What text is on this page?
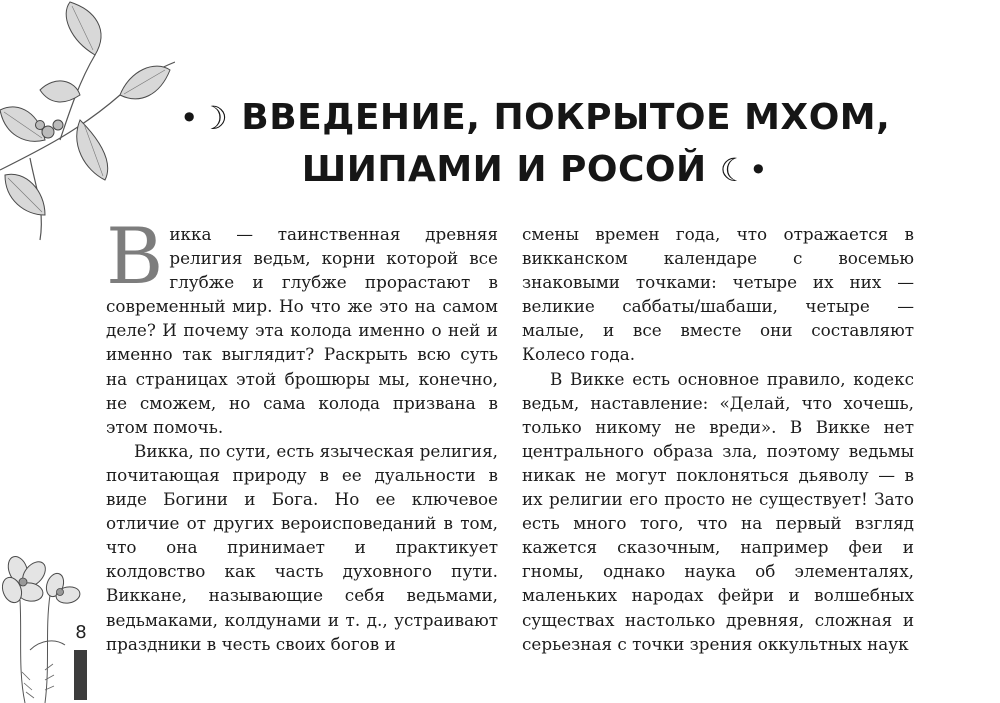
•☽ ВВЕДЕНИЕ, ПОКРЫТОЕ МХОМ,
ШИПАМИ И РОСОЙ ☾•

Викка — таинственная древняя религия ведьм, корни которой все глубже и глубже прорастают в современный мир. Но что же это на самом деле? И почему эта колода именно о ней и именно так выглядит? Раскрыть всю суть на страницах этой брошюры мы, конечно, не сможем, но сама колода призвана в этом помочь.

Викка, по сути, есть языческая религия, почитающая природу в ее дуальности в виде Богини и Бога. Но ее ключевое отличие от других вероисповеданий в том, что она принимает и практикует колдовство как часть духовного пути. Викканe, называющие себя ведьмами, ведьмаками, колдунами и т. д., устраивают праздники в честь своих богов и

смены времен года, что отражается в викканском календаре с восемью знаковыми точками: четыре их них — великие саббаты/шабаши, четыре — малые, и все вместе они составляют Колесо года.

В Викке есть основное правило, кодекс ведьм, наставление: «Делай, что хочешь, только никому не вреди». В Викке нет центрального образа зла, поэтому ведьмы никак не могут поклоняться дьяволу — в их религии его просто не существует! Зато есть много того, что на первый взгляд кажется сказочным, например феи и гномы, однако наука об элементалях, маленьких народах фейри и волшебных существах настолько древняя, сложная и серьезная с точки зрения оккультных наук

8
